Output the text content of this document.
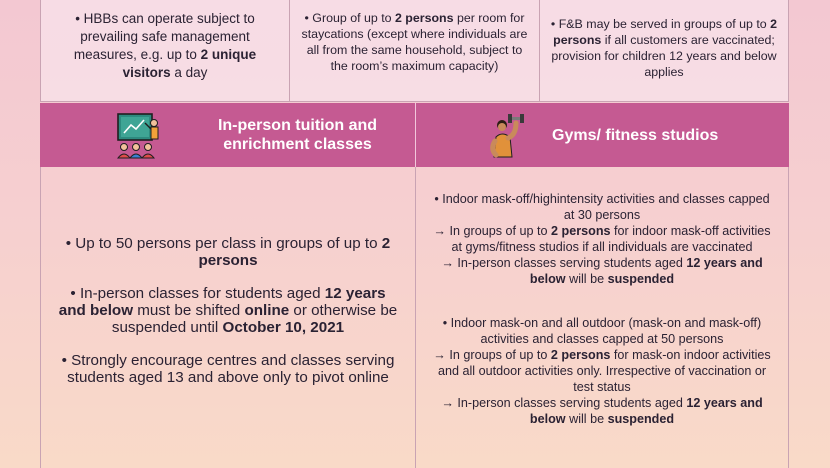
• HBBs can operate subject to prevailing safe management measures, e.g. up to 2 unique visitors a day
• Group of up to 2 persons per room for staycations (except where individuals are all from the same household, subject to the room’s maximum capacity)
• F&B may be served in groups of up to 2 persons if all customers are vaccinated; provision for children 12 years and below applies
In-person tuition and enrichment classes
Gyms/ fitness studios

• Up to 50 persons per class in groups of up to 2 persons

• In-person classes for students aged 12 years and below must be shifted online or otherwise be suspended until October 10, 2021

• Strongly encourage centres and classes serving students aged 13 and above only to pivot online

• Indoor mask-off/highintensity activities and classes capped at 30 persons

→ In groups of up to 2 persons for indoor mask-off activities at gyms/fitness studios if all individuals are vaccinated

→ In-person classes serving students aged 12 years and below will be suspended

• Indoor mask-on and all outdoor (mask-on and mask-off) activities and classes capped at 50 persons

→ In groups of up to 2 persons for mask-on indoor activities and all outdoor activities only. Irrespective of vaccination or test status

→ In-person classes serving students aged 12 years and below will be suspended
